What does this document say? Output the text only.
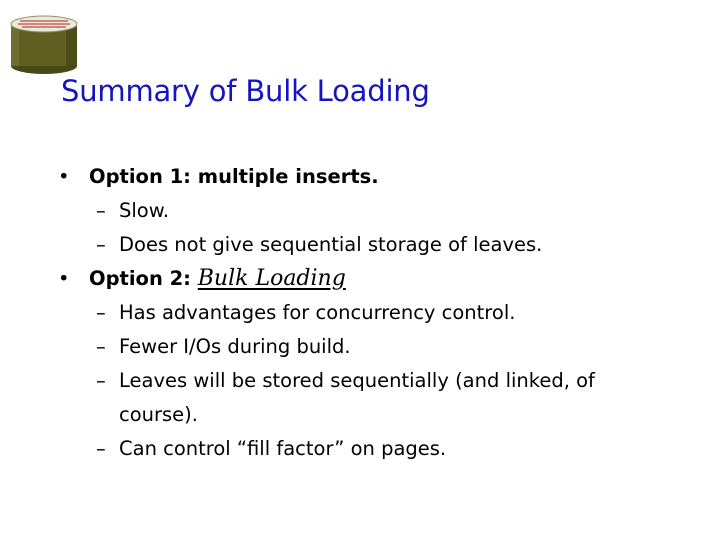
Summary of Bulk Loading
• Option 1: multiple inserts.
– Slow.
– Does not give sequential storage of leaves.
• Option 2: Bulk Loading
– Has advantages for concurrency control.
– Fewer I/Os during build.
– Leaves will be stored sequentially (and linked, of course).
– Can control “fill factor” on pages.
